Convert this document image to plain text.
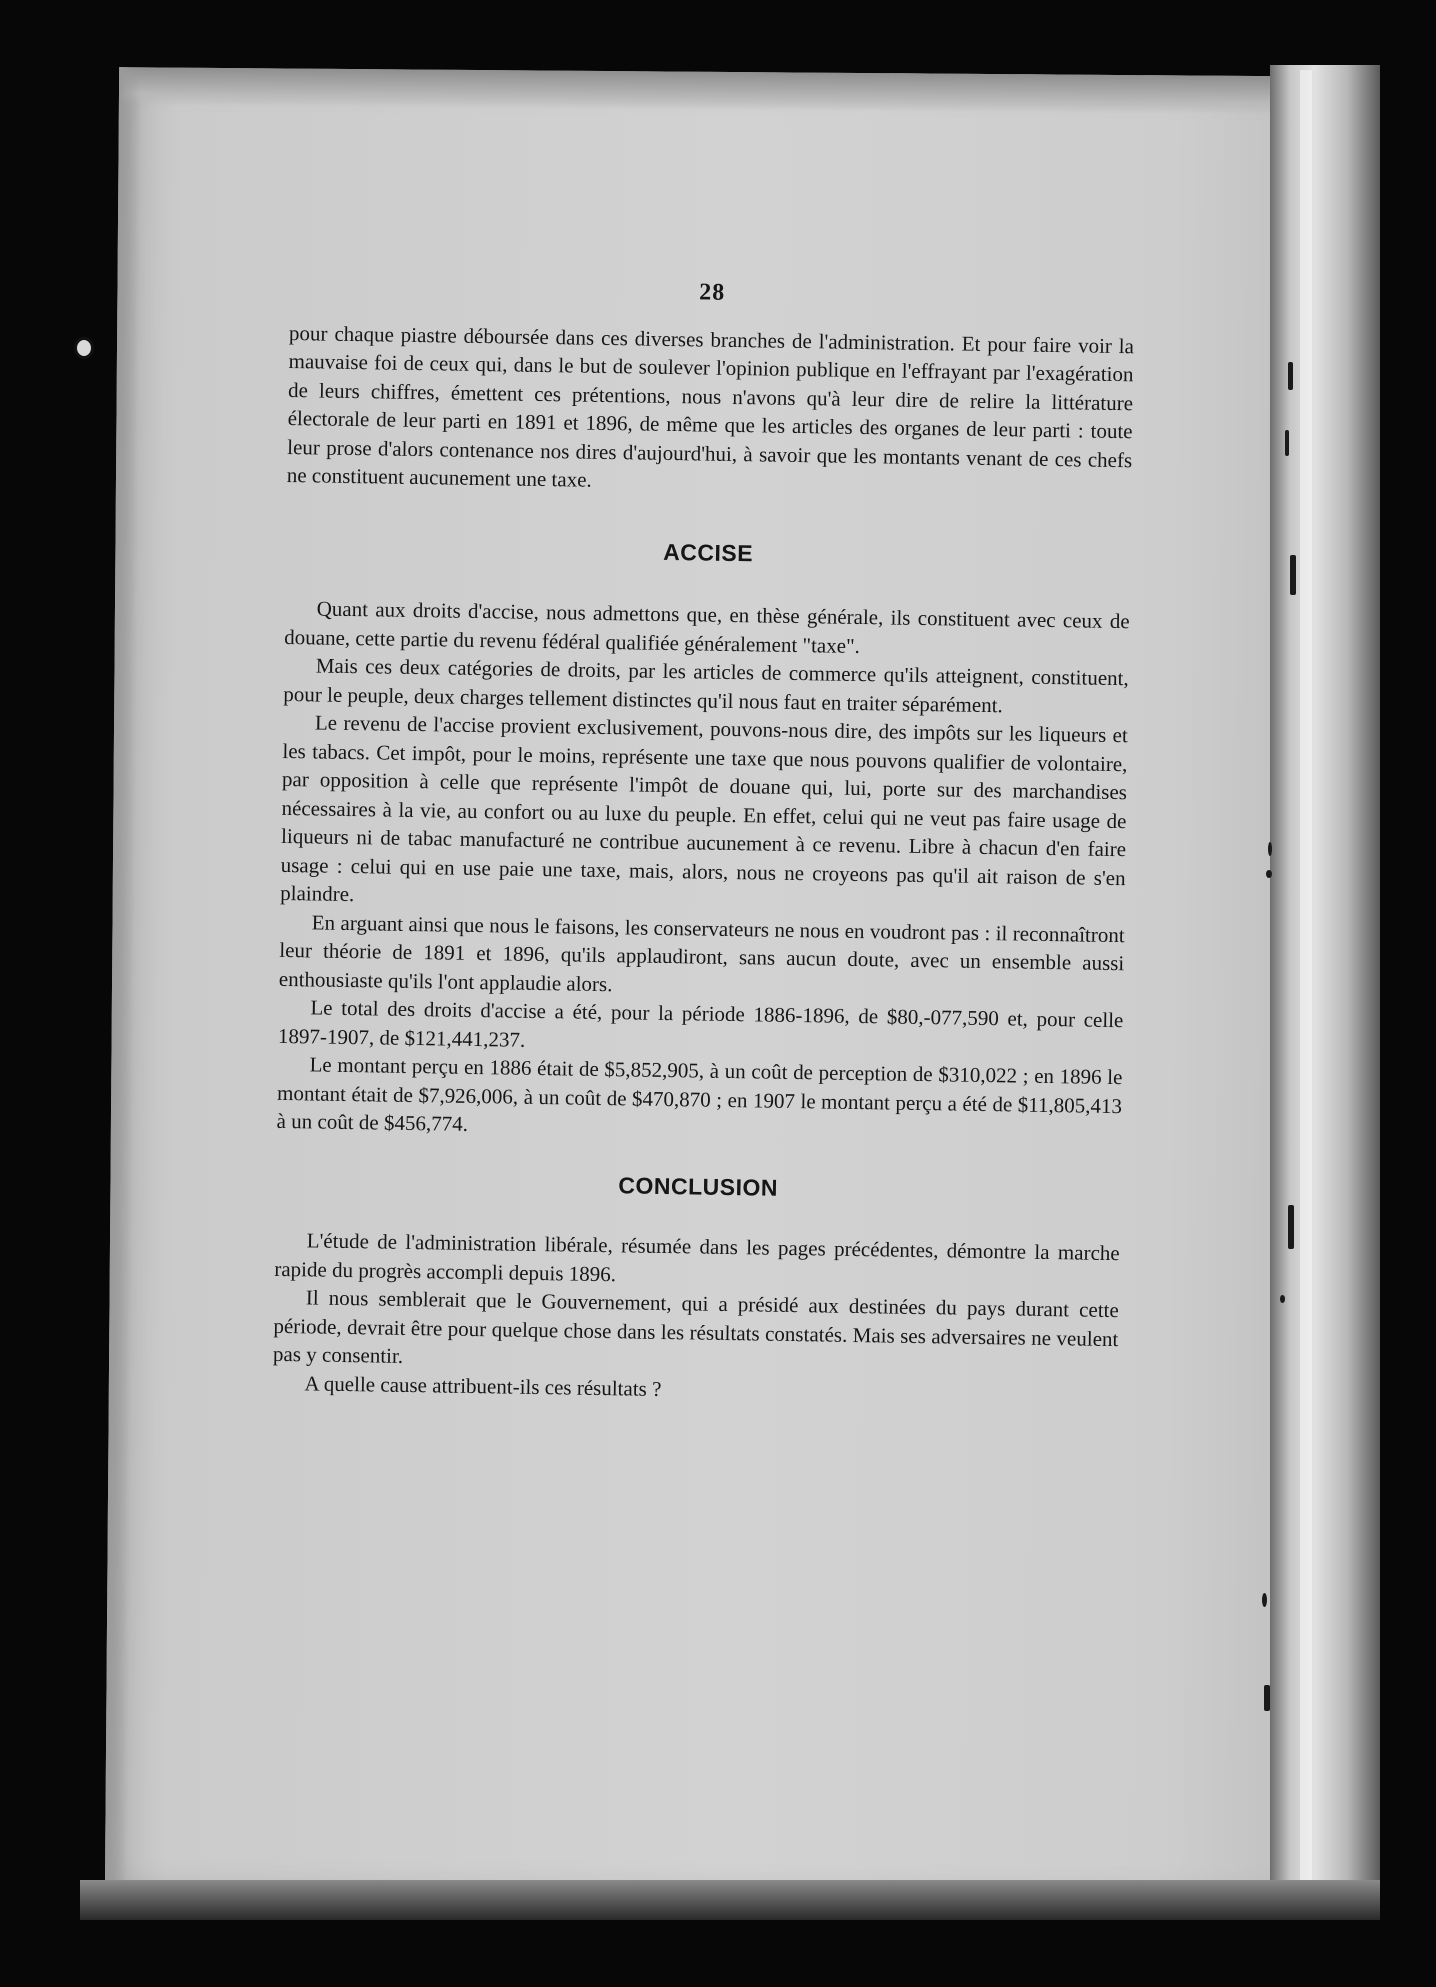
28

pour chaque piastre déboursée dans ces diverses branches de l'administration. Et pour faire voir la mauvaise foi de ceux qui, dans le but de soulever l'opinion publique en l'effrayant par l'exagération de leurs chiffres, émettent ces prétentions, nous n'avons qu'à leur dire de relire la littérature électorale de leur parti en 1891 et 1896, de même que les articles des organes de leur parti : toute leur prose d'alors contenance nos dires d'aujourd'hui, à savoir que les montants venant de ces chefs ne constituent aucunement une taxe.

ACCISE

Quant aux droits d'accise, nous admettons que, en thèse générale, ils constituent avec ceux de douane, cette partie du revenu fédéral qualifiée généralement "taxe".

Mais ces deux catégories de droits, par les articles de commerce qu'ils atteignent, constituent, pour le peuple, deux charges tellement distinctes qu'il nous faut en traiter séparément.

Le revenu de l'accise provient exclusivement, pouvons-nous dire, des impôts sur les liqueurs et les tabacs. Cet impôt, pour le moins, représente une taxe que nous pouvons qualifier de volontaire, par opposition à celle que représente l'impôt de douane qui, lui, porte sur des marchandises nécessaires à la vie, au confort ou au luxe du peuple. En effet, celui qui ne veut pas faire usage de liqueurs ni de tabac manufacturé ne contribue aucunement à ce revenu. Libre à chacun d'en faire usage : celui qui en use paie une taxe, mais, alors, nous ne croyeons pas qu'il ait raison de s'en plaindre.

En arguant ainsi que nous le faisons, les conservateurs ne nous en voudront pas : il reconnaîtront leur théorie de 1891 et 1896, qu'ils applaudiront, sans aucun doute, avec un ensemble aussi enthousiaste qu'ils l'ont applaudie alors.

Le total des droits d'accise a été, pour la période 1886-1896, de $80,-077,590 et, pour celle 1897-1907, de $121,441,237.

Le montant perçu en 1886 était de $5,852,905, à un coût de perception de $310,022 ; en 1896 le montant était de $7,926,006, à un coût de $470,870 ; en 1907 le montant perçu a été de $11,805,413 à un coût de $456,774.

CONCLUSION

L'étude de l'administration libérale, résumée dans les pages précédentes, démontre la marche rapide du progrès accompli depuis 1896.

Il nous semblerait que le Gouvernement, qui a présidé aux destinées du pays durant cette période, devrait être pour quelque chose dans les résultats constatés. Mais ses adversaires ne veulent pas y consentir.

A quelle cause attribuent-ils ces résultats ?
